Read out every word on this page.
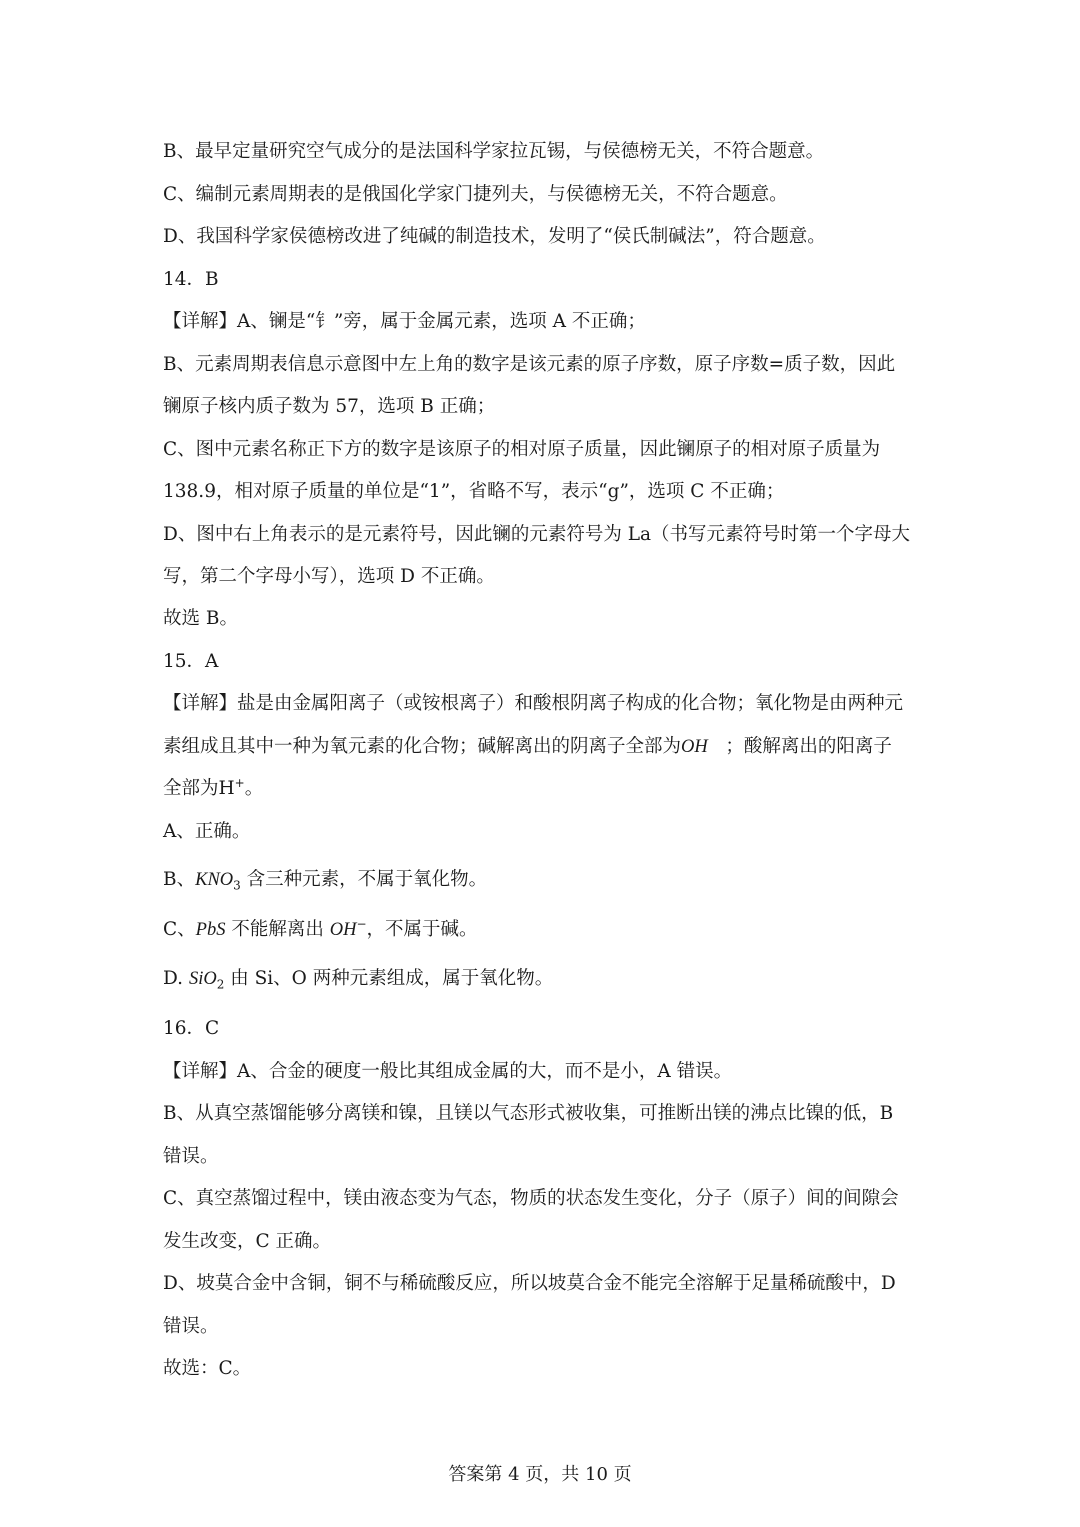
B、最早定量研究空气成分的是法国科学家拉瓦锡，与侯德榜无关，不符合题意。
C、编制元素周期表的是俄国化学家门捷列夫，与侯德榜无关，不符合题意。
D、我国科学家侯德榜改进了纯碱的制造技术，发明了“侯氏制碱法”，符合题意。
14．B
【详解】A、镧是“钅”旁，属于金属元素，选项 A 不正确；
B、元素周期表信息示意图中左上角的数字是该元素的原子序数，原子序数=质子数，因此
镧原子核内质子数为 57，选项 B 正确；
C、图中元素名称正下方的数字是该原子的相对原子质量，因此镧原子的相对原子质量为
138.9，相对原子质量的单位是“1”，省略不写，表示“g”，选项 C 不正确；
D、图中右上角表示的是元素符号，因此镧的元素符号为 La（书写元素符号时第一个字母大
写，第二个字母小写），选项 D 不正确。
故选 B。
15．A
【详解】盐是由金属阳离子（或铵根离子）和酸根阴离子构成的化合物；氧化物是由两种元
素组成且其中一种为氧元素的化合物；碱解离出的阴离子全部为OH ；酸解离出的阳离子
全部为H+。
A、正确。
B、$KNO_3$ 含三种元素，不属于氧化物。
C、PbS 不能解离出 OH−，不属于碱。
D. SiO$_2$ 由 Si、O 两种元素组成，属于氧化物。
16．C
【详解】A、合金的硬度一般比其组成金属的大，而不是小，A 错误。
B、从真空蒸馏能够分离镁和镍，且镁以气态形式被收集，可推断出镁的沸点比镍的低，B
错误。
C、真空蒸馏过程中，镁由液态变为气态，物质的状态发生变化，分子（原子）间的间隙会
发生改变，C 正确。
D、坡莫合金中含铜，铜不与稀硫酸反应，所以坡莫合金不能完全溶解于足量稀硫酸中，D
错误。
故选：C。
答案第 4 页，共 10 页
